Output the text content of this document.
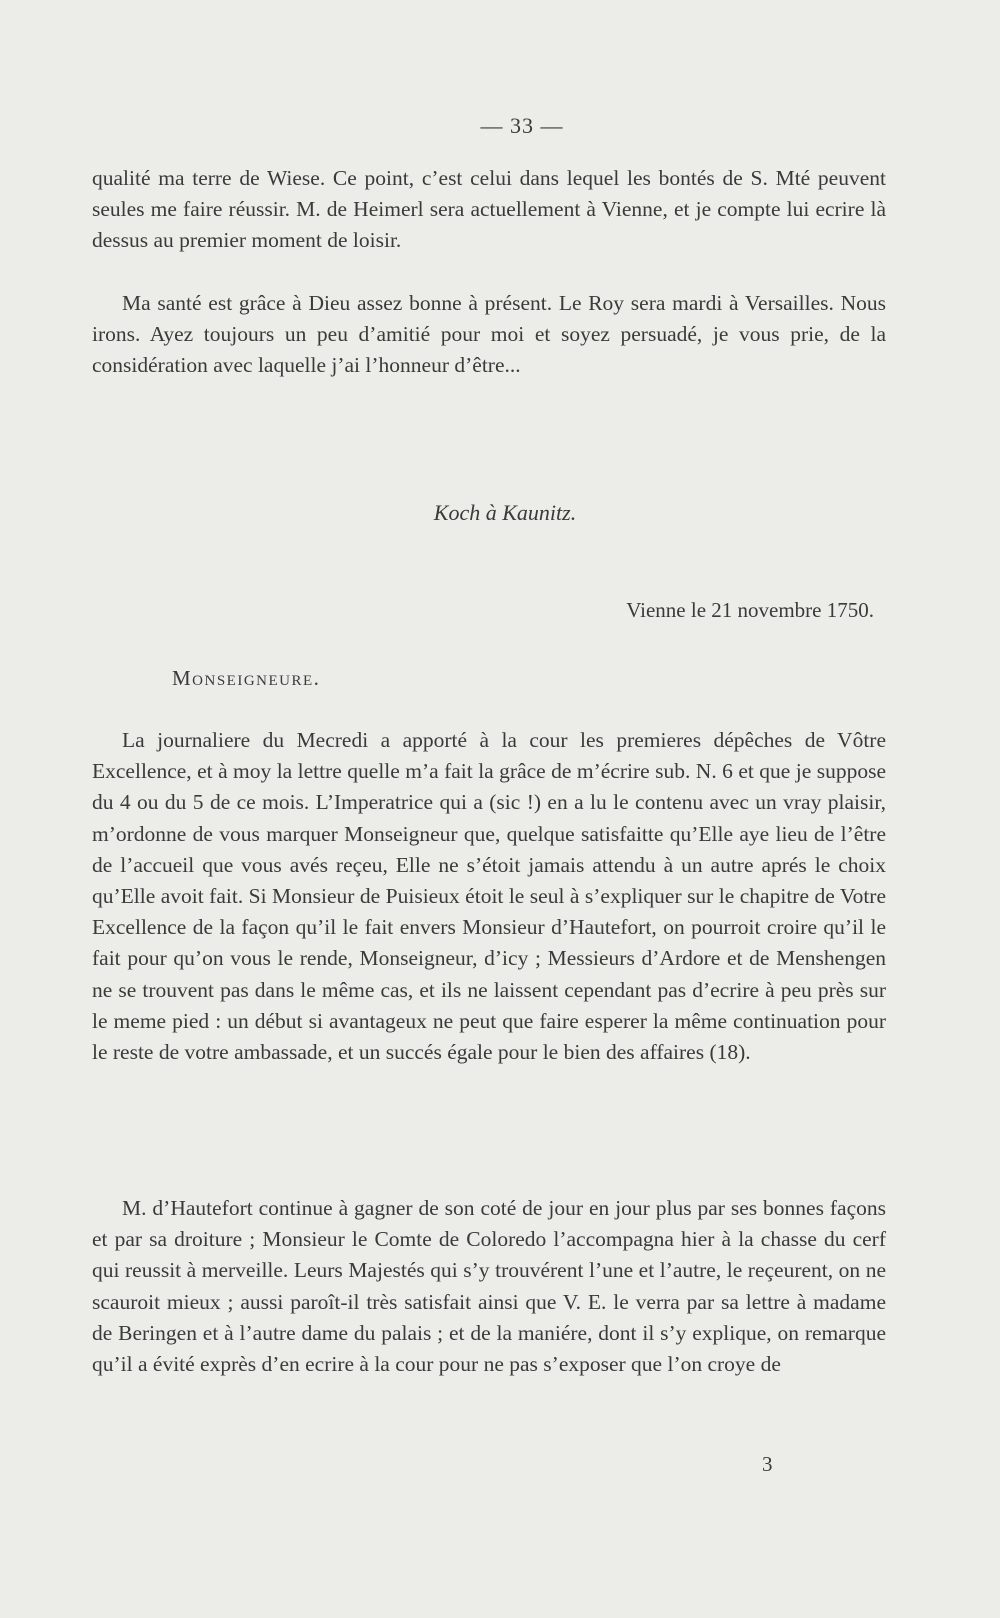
— 33 —

qualité ma terre de Wiese. Ce point, c’est celui dans lequel les bontés de S. Mté peuvent seules me faire réussir. M. de Heimerl sera actuellement à Vienne, et je compte lui ecrire là dessus au premier moment de loisir.

Ma santé est grâce à Dieu assez bonne à présent. Le Roy sera mardi à Versailles. Nous irons. Ayez toujours un peu d’amitié pour moi et soyez persuadé, je vous prie, de la considération avec laquelle j’ai l’honneur d’être...

Koch à Kaunitz.
Vienne le 21 novembre 1750.
Monseigneure.

La journaliere du Mecredi a apporté à la cour les premieres dépêches de Vôtre Excellence, et à moy la lettre quelle m’a fait la grâce de m’écrire sub. N. 6 et que je suppose du 4 ou du 5 de ce mois. L’Imperatrice qui a (sic !) en a lu le contenu avec un vray plaisir, m’ordonne de vous marquer Monseigneur que, quelque satisfaitte qu’Elle aye lieu de l’être de l’accueil que vous avés reçeu, Elle ne s’étoit jamais attendu à un autre aprés le choix qu’Elle avoit fait. Si Monsieur de Puisieux étoit le seul à s’expliquer sur le chapitre de Votre Excellence de la façon qu’il le fait envers Monsieur d’Hautefort, on pourroit croire qu’il le fait pour qu’on vous le rende, Monseigneur, d’icy ; Messieurs d’Ardore et de Menshengen ne se trouvent pas dans le même cas, et ils ne laissent cependant pas d’ecrire à peu près sur le meme pied : un début si avantageux ne peut que faire esperer la même continuation pour le reste de votre ambassade, et un succés égale pour le bien des affaires (18).

M. d’Hautefort continue à gagner de son coté de jour en jour plus par ses bonnes façons et par sa droiture ; Monsieur le Comte de Coloredo l’accompagna hier à la chasse du cerf qui reussit à merveille. Leurs Majestés qui s’y trouvérent l’une et l’autre, le reçeurent, on ne scauroit mieux ; aussi paroît-il très satisfait ainsi que V. E. le verra par sa lettre à madame de Beringen et à l’autre dame du palais ; et de la maniére, dont il s’y explique, on remarque qu’il a évité exprès d’en ecrire à la cour pour ne pas s’exposer que l’on croye de

3
